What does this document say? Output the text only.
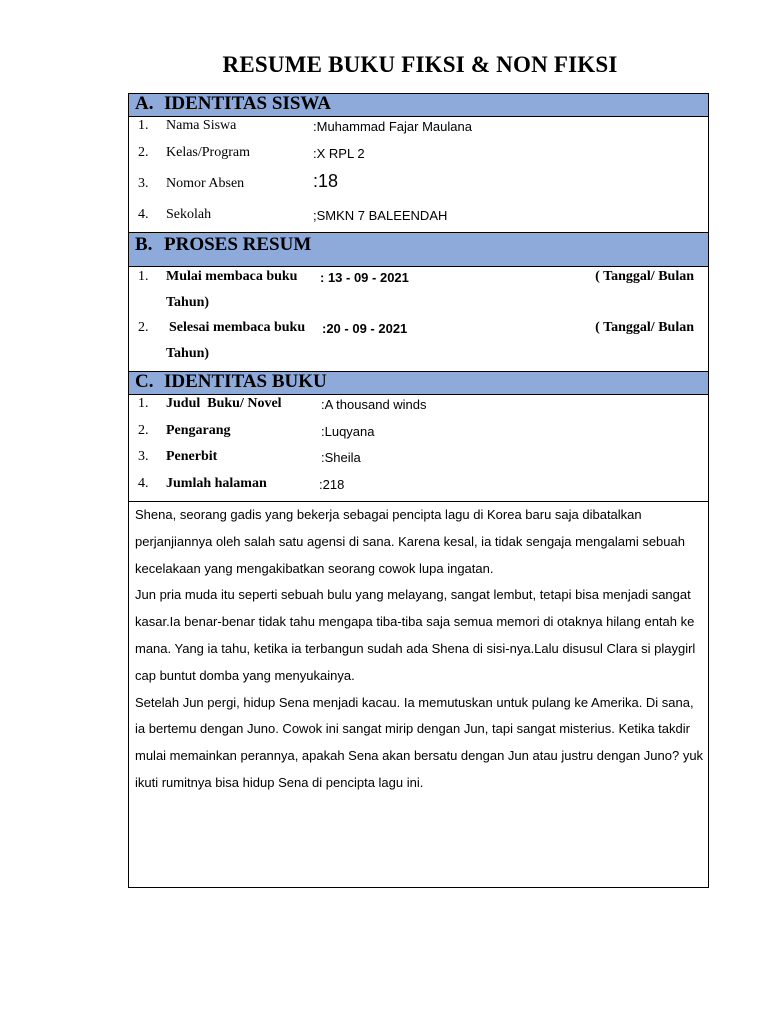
RESUME BUKU FIKSI & NON FIKSI
A. IDENTITAS SISWA
1. Nama Siswa	:Muhammad Fajar Maulana
2. Kelas/Program	:X RPL 2
3. Nomor Absen	:18
4. Sekolah	;SMKN 7 BALEENDAH
B. PROSES RESUM
1. Mulai membaca buku : 13 - 09 - 2021	( Tanggal/ Bulan
Tahun)
2. Selesai membaca buku :20 - 09 - 2021	( Tanggal/ Bulan
Tahun)
C. IDENTITAS BUKU
1. Judul  Buku/ Novel	:A thousand winds
2. Pengarang	:Luqyana
3. Penerbit	:Sheila
4. Jumlah halaman	:218

Shena, seorang gadis yang bekerja sebagai pencipta lagu di Korea baru saja dibatalkan perjanjiannya oleh salah satu agensi di sana. Karena kesal, ia tidak sengaja mengalami sebuah kecelakaan yang mengakibatkan seorang cowok lupa ingatan.

Jun pria muda itu seperti sebuah bulu yang melayang, sangat lembut, tetapi bisa menjadi sangat kasar.Ia benar-benar tidak tahu mengapa tiba-tiba saja semua memori di otaknya hilang entah ke mana. Yang ia tahu, ketika ia terbangun sudah ada Shena di sisi-nya.Lalu disusul Clara si playgirl cap buntut domba yang menyukainya.

Setelah Jun pergi, hidup Sena menjadi kacau. Ia memutuskan untuk pulang ke Amerika. Di sana, ia bertemu dengan Juno. Cowok ini sangat mirip dengan Jun, tapi sangat misterius. Ketika takdir mulai memainkan perannya, apakah Sena akan bersatu dengan Jun atau justru dengan Juno? yuk ikuti rumitnya bisa hidup Sena di pencipta lagu ini.
